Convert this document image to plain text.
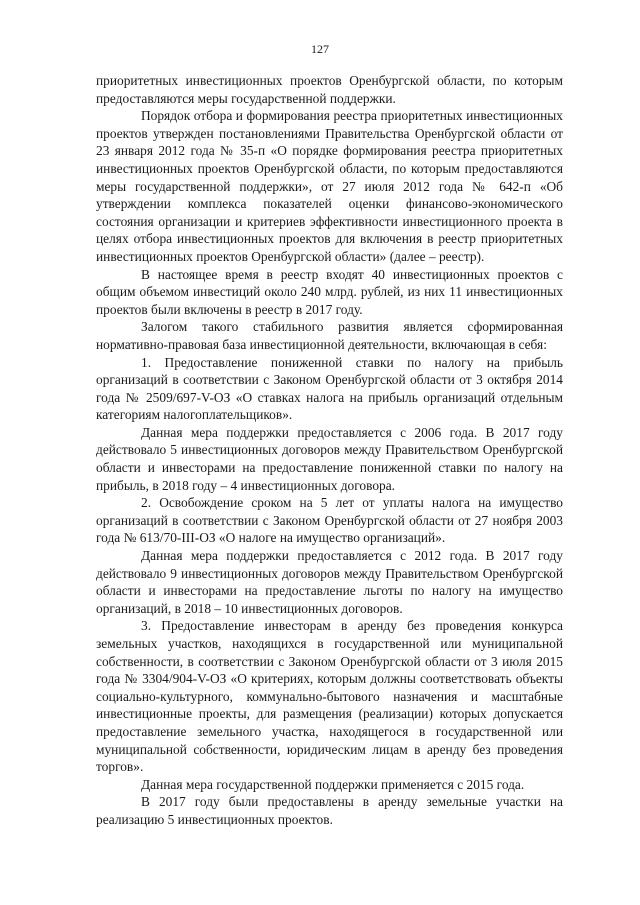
127

приоритетных инвестиционных проектов Оренбургской области, по которым предоставляются меры государственной поддержки.

Порядок отбора и формирования реестра приоритетных инвестиционных проектов утвержден постановлениями Правительства Оренбургской области от 23 января 2012 года № 35-п «О порядке формирования реестра приоритетных инвестиционных проектов Оренбургской области, по которым предоставляются меры государственной поддержки», от 27 июля 2012 года № 642-п «Об утверждении комплекса показателей оценки финансово-экономического состояния организации и критериев эффективности инвестиционного проекта в целях отбора инвестиционных проектов для включения в реестр приоритетных инвестиционных проектов Оренбургской области» (далее – реестр).

В настоящее время в реестр входят 40 инвестиционных проектов с общим объемом инвестиций около 240 млрд. рублей, из них 11 инвестиционных проектов были включены в реестр в 2017 году.

Залогом такого стабильного развития является сформированная нормативно-правовая база инвестиционной деятельности, включающая в себя:

1. Предоставление пониженной ставки по налогу на прибыль организаций в соответствии с Законом Оренбургской области от 3 октября 2014 года № 2509/697-V-ОЗ «О ставках налога на прибыль организаций отдельным категориям налогоплательщиков».

Данная мера поддержки предоставляется с 2006 года. В 2017 году действовало 5 инвестиционных договоров между Правительством Оренбургской области и инвесторами на предоставление пониженной ставки по налогу на прибыль, в 2018 году – 4 инвестиционных договора.

2. Освобождение сроком на 5 лет от уплаты налога на имущество организаций в соответствии с Законом Оренбургской области от 27 ноября 2003 года № 613/70-III-ОЗ «О налоге на имущество организаций».

Данная мера поддержки предоставляется с 2012 года. В 2017 году действовало 9 инвестиционных договоров между Правительством Оренбургской области и инвесторами на предоставление льготы по налогу на имущество организаций, в 2018 – 10 инвестиционных договоров.

3. Предоставление инвесторам в аренду без проведения конкурса земельных участков, находящихся в государственной или муниципальной собственности, в соответствии с Законом Оренбургской области от 3 июля 2015 года № 3304/904-V-ОЗ «О критериях, которым должны соответствовать объекты социально-культурного, коммунально-бытового назначения и масштабные инвестиционные проекты, для размещения (реализации) которых допускается предоставление земельного участка, находящегося в государственной или муниципальной собственности, юридическим лицам в аренду без проведения торгов».

Данная мера государственной поддержки применяется с 2015 года.

В 2017 году были предоставлены в аренду земельные участки на реализацию 5 инвестиционных проектов.
